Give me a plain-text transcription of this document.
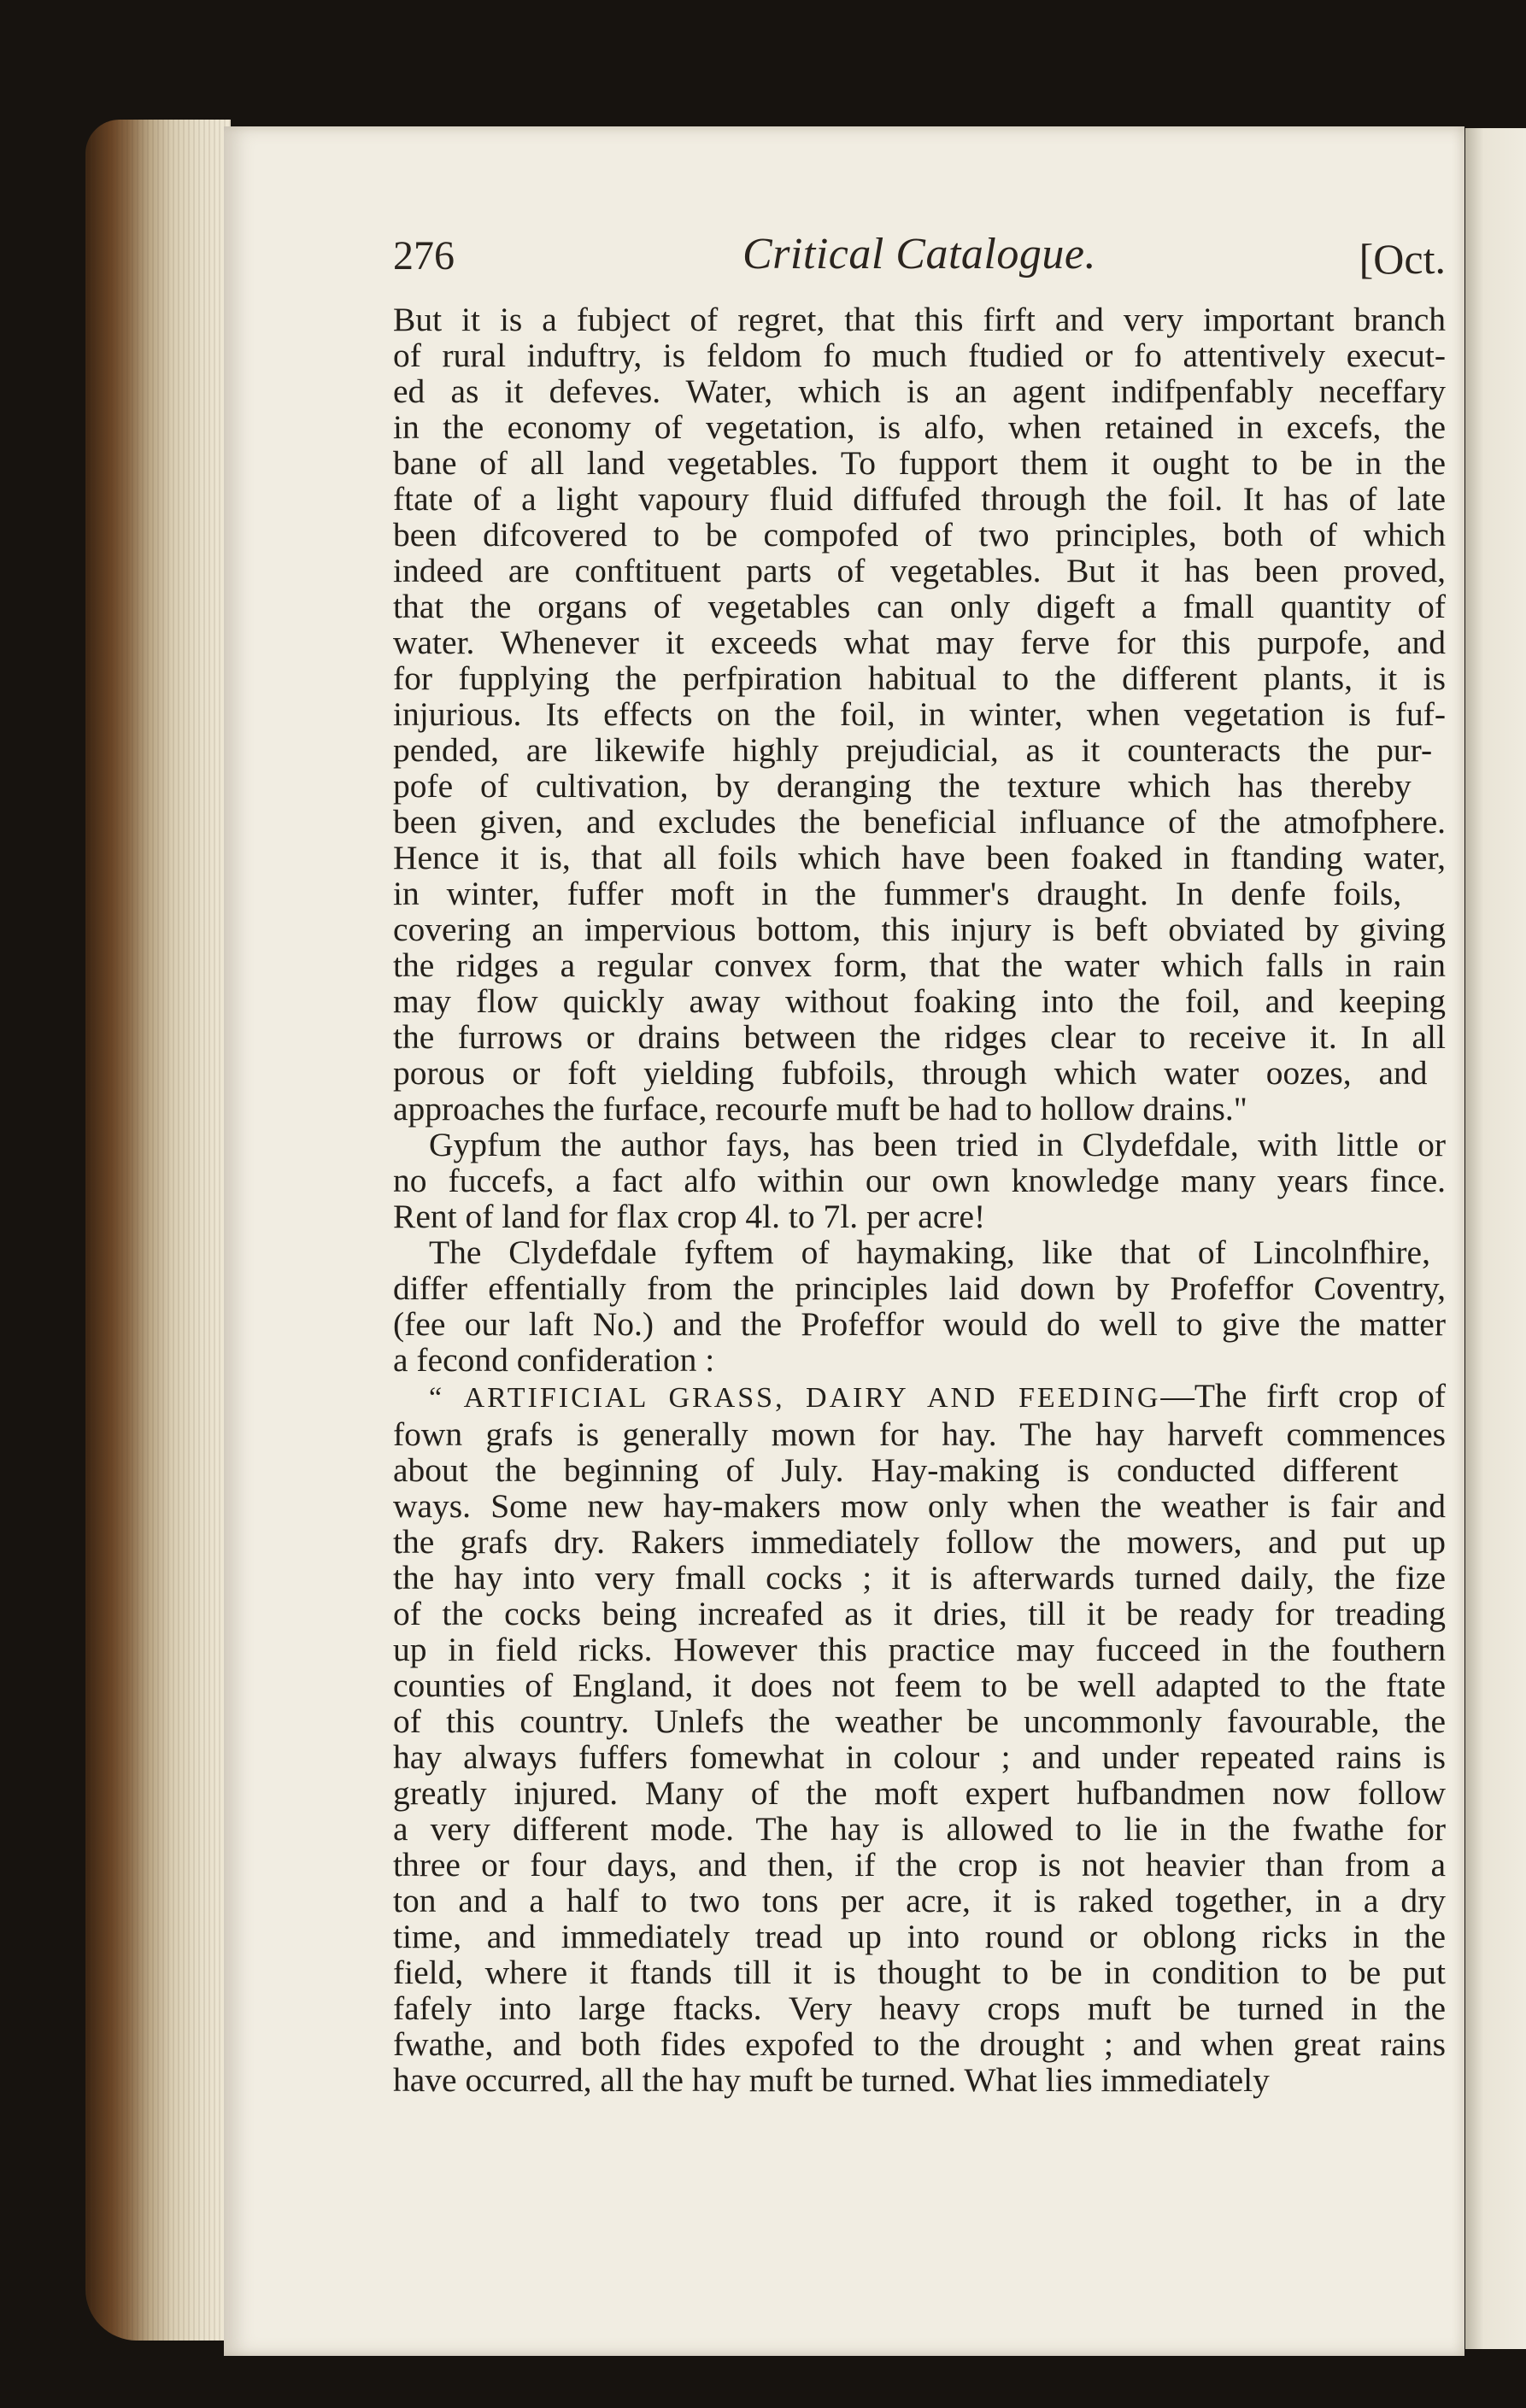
276	Critical Catalogue.	[Oct.

But it is a fubject of regret, that this firft and very important branch
of rural induftry, is feldom fo much ftudied or fo attentively execut-
ed as it defeves. Water, which is an agent indifpenfably neceffary
in the economy of vegetation, is alfo, when retained in excefs, the
bane of all land vegetables. To fupport them it ought to be in the
ftate of a light vapoury fluid diffufed through the foil. It has of late
been difcovered to be compofed of two principles, both of which
indeed are conftituent parts of vegetables. But it has been proved,
that the organs of vegetables can only digeft a fmall quantity of
water. Whenever it exceeds what may ferve for this purpofe, and
for fupplying the perfpiration habitual to the different plants, it is
injurious. Its effects on the foil, in winter, when vegetation is fuf-
pended, are likewife highly prejudicial, as it counteracts the pur-
pofe of cultivation, by deranging the texture which has thereby
been given, and excludes the beneficial influance of the atmofphere.
Hence it is, that all foils which have been foaked in ftanding water,
in winter, fuffer moft in the fummer's draught. In denfe foils,
covering an impervious bottom, this injury is beft obviated by giving
the ridges a regular convex form, that the water which falls in rain
may flow quickly away without foaking into the foil, and keeping
the furrows or drains between the ridges clear to receive it. In all
porous or foft yielding fubfoils, through which water oozes, and
approaches the furface, recourfe muft be had to hollow drains."

Gypfum the author fays, has been tried in Clydefdale, with little or
no fuccefs, a fact alfo within our own knowledge many years fince.
Rent of land for flax crop 4l. to 7l. per acre!

The Clydefdale fyftem of haymaking, like that of Lincolnfhire,
differ effentially from the principles laid down by Profeffor Coventry,
(fee our laft No.) and the Profeffor would do well to give the matter
a fecond confideration :

“ ARTIFICIAL GRASS, DAIRY AND FEEDING—The firft crop of
fown grafs is generally mown for hay. The hay harveft commences
about the beginning of July. Hay-making is conducted different
ways. Some new hay-makers mow only when the weather is fair and
the grafs dry. Rakers immediately follow the mowers, and put up
the hay into very fmall cocks ; it is afterwards turned daily, the fize
of the cocks being increafed as it dries, till it be ready for treading
up in field ricks. However this practice may fucceed in the fouthern
counties of England, it does not feem to be well adapted to the ftate
of this country. Unlefs the weather be uncommonly favourable, the
hay always fuffers fomewhat in colour ; and under repeated rains is
greatly injured. Many of the moft expert hufbandmen now follow
a very different mode. The hay is allowed to lie in the fwathe for
three or four days, and then, if the crop is not heavier than from a
ton and a half to two tons per acre, it is raked together, in a dry
time, and immediately tread up into round or oblong ricks in the
field, where it ftands till it is thought to be in condition to be put
fafely into large ftacks. Very heavy crops muft be turned in the
fwathe, and both fides expofed to the drought ; and when great rains
have occurred, all the hay muft be turned. What lies immediately
